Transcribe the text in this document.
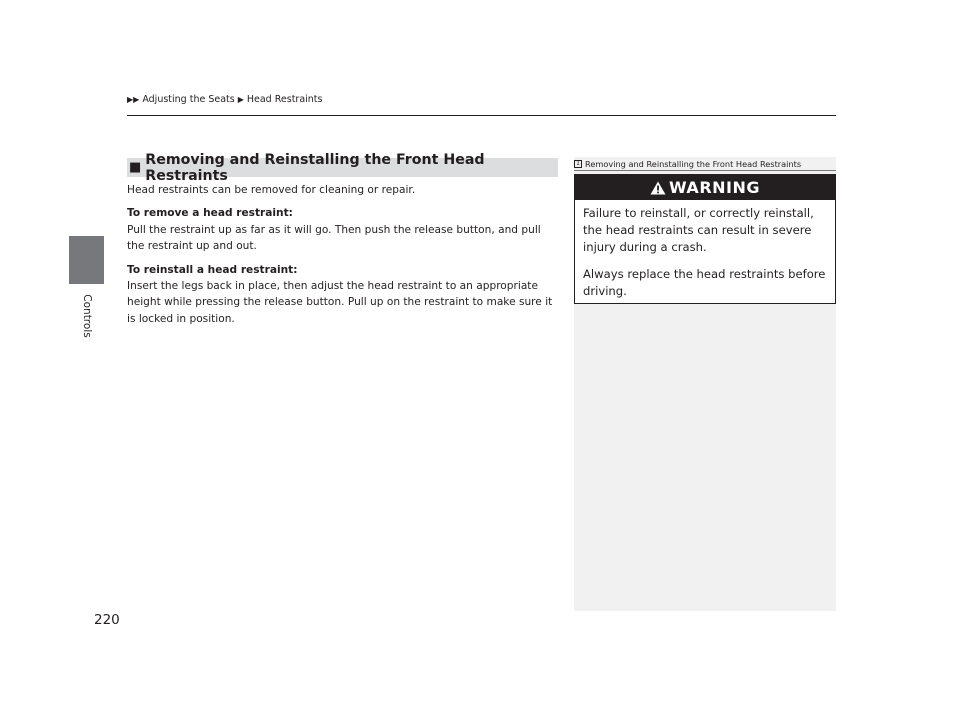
▶▶ Adjusting the Seats ▶ Head Restraints
Controls
■ Removing and Reinstalling the Front Head Restraints

Head restraints can be removed for cleaning or repair.

To remove a head restraint:

Pull the restraint up as far as it will go. Then push the release button, and pull the restraint up and out.

To reinstall a head restraint:

Insert the legs back in place, then adjust the head restraint to an appropriate height while pressing the release button. Pull up on the restraint to make sure it is locked in position.

1 Removing and Reinstalling the Front Head Restraints
WARNING

Failure to reinstall, or correctly reinstall, the head restraints can result in severe injury during a crash.

Always replace the head restraints before driving.

220
